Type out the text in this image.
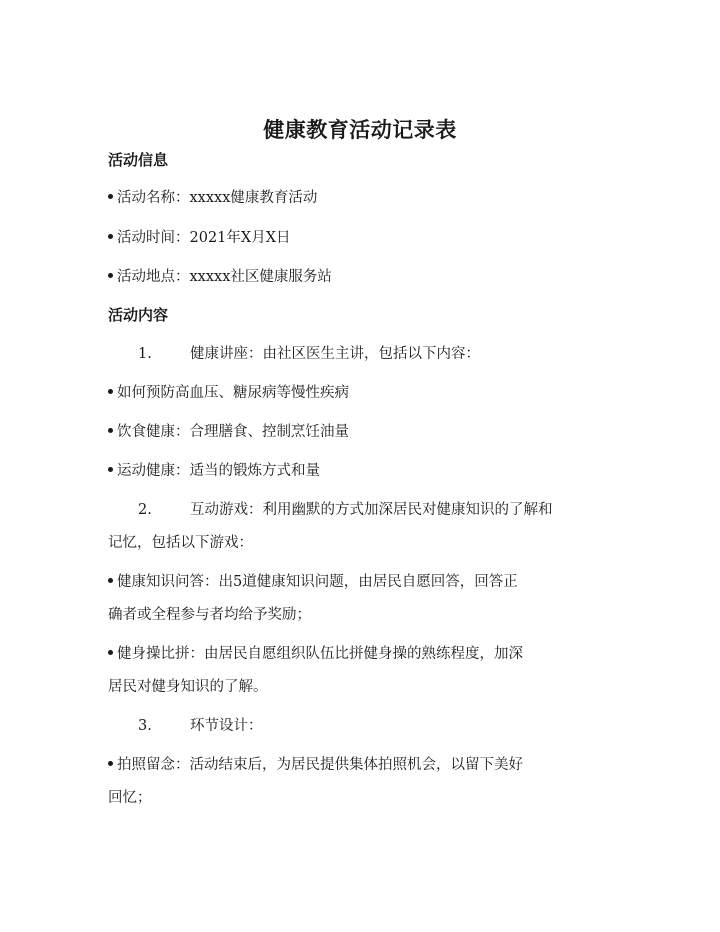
健康教育活动记录表
活动信息
活动名称：xxxxx健康教育活动
活动时间：2021年X月X日
活动地点：xxxxx社区健康服务站
活动内容
1.	健康讲座：由社区医生主讲，包括以下内容：
如何预防高血压、糖尿病等慢性疾病
饮食健康：合理膳食、控制烹饪油量
运动健康：适当的锻炼方式和量
2.	互动游戏：利用幽默的方式加深居民对健康知识的了解和
记忆，包括以下游戏：
健康知识问答：出5道健康知识问题，由居民自愿回答，回答正
确者或全程参与者均给予奖励；
健身操比拼：由居民自愿组织队伍比拼健身操的熟练程度，加深
居民对健身知识的了解。
3.	环节设计：
拍照留念：活动结束后，为居民提供集体拍照机会，以留下美好
回忆；
